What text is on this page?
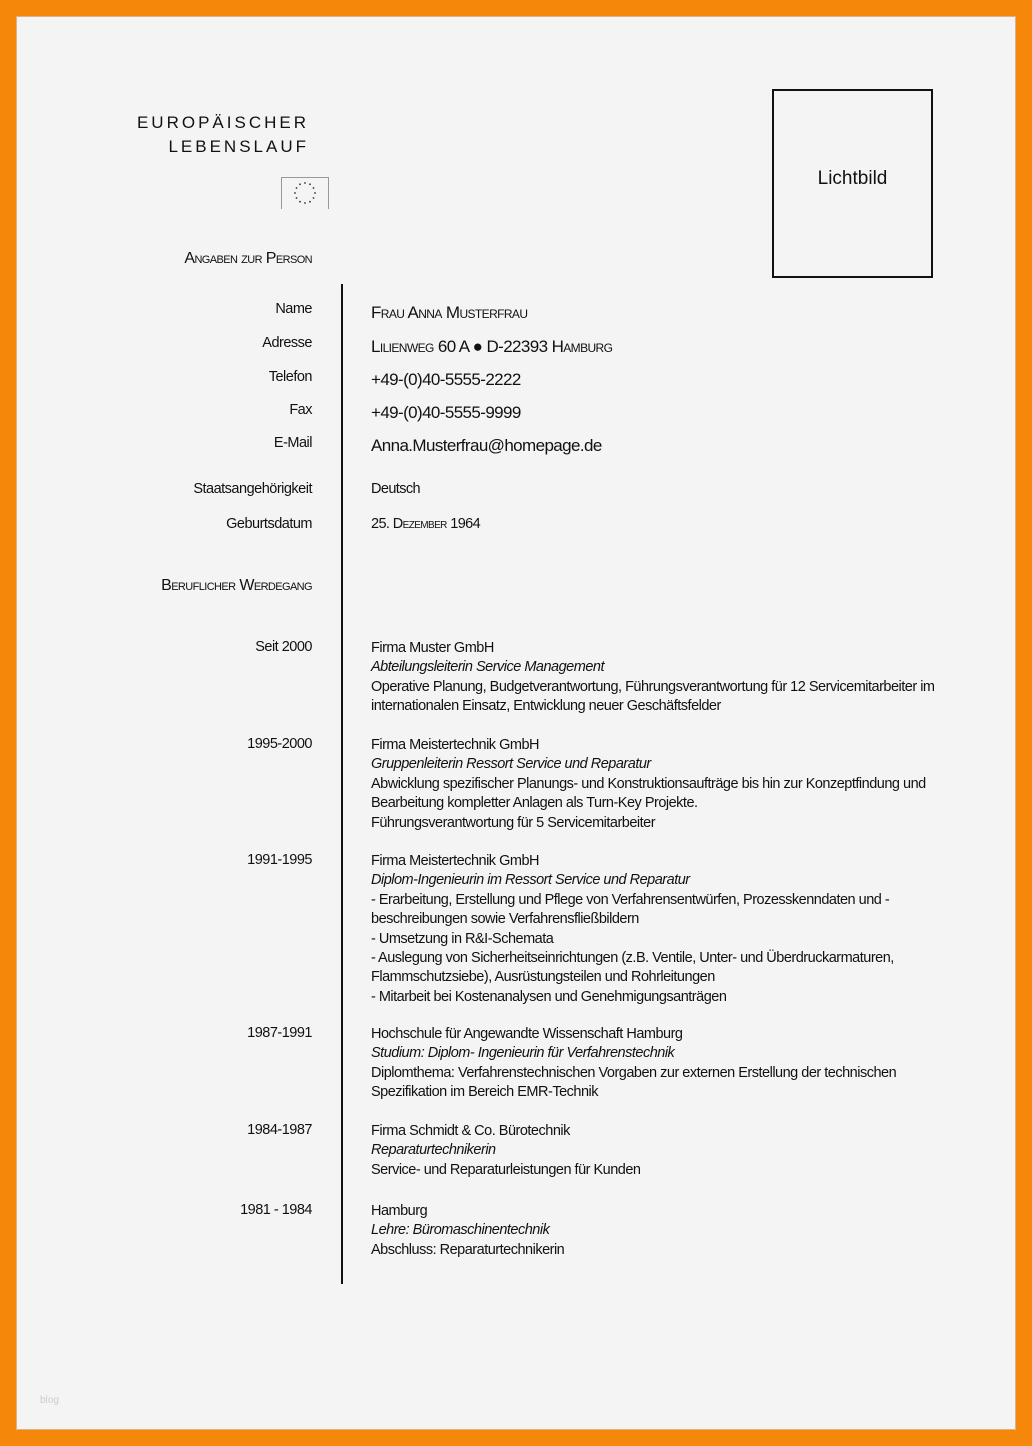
EUROPÄISCHER
LEBENSLAUF
Lichtbild
Angaben zur Person
Name	Frau Anna Musterfrau
Adresse	Lilienweg 60 A ● D-22393 Hamburg
Telefon	+49-(0)40-5555-2222
Fax	+49-(0)40-5555-9999
E-Mail	Anna.Musterfrau@homepage.de
Staatsangehörigkeit	Deutsch
Geburtsdatum	25. Dezember 1964
Beruflicher Werdegang
Seit 2000	Firma Muster GmbH
Abteilungsleiterin Service Management
Operative Planung, Budgetverantwortung, Führungsverantwortung für 12 Servicemitarbeiter im
internationalen Einsatz, Entwicklung neuer Geschäftsfelder
1995-2000	Firma Meistertechnik GmbH
Gruppenleiterin Ressort Service und Reparatur
Abwicklung spezifischer Planungs- und Konstruktionsaufträge bis hin zur Konzeptfindung und
Bearbeitung kompletter Anlagen als Turn-Key Projekte.
Führungsverantwortung für 5 Servicemitarbeiter
1991-1995	Firma Meistertechnik GmbH
Diplom-Ingenieurin im Ressort Service und Reparatur
- Erarbeitung, Erstellung und Pflege von Verfahrensentwürfen, Prozesskenndaten und -
beschreibungen sowie Verfahrensfließbildern
- Umsetzung in R&I-Schemata
- Auslegung von Sicherheitseinrichtungen (z.B. Ventile, Unter- und Überdruckarmaturen,
Flammschutzsiebe), Ausrüstungsteilen und Rohrleitungen
- Mitarbeit bei Kostenanalysen und Genehmigungsanträgen
1987-1991	Hochschule für Angewandte Wissenschaft Hamburg
Studium: Diplom- Ingenieurin für Verfahrenstechnik
Diplomthema: Verfahrenstechnischen Vorgaben zur externen Erstellung der technischen
Spezifikation im Bereich EMR-Technik
1984-1987	Firma Schmidt & Co. Bürotechnik
Reparaturtechnikerin
Service- und Reparaturleistungen für Kunden
1981 - 1984	Hamburg
Lehre: Büromaschinentechnik
Abschluss: Reparaturtechnikerin
blog
